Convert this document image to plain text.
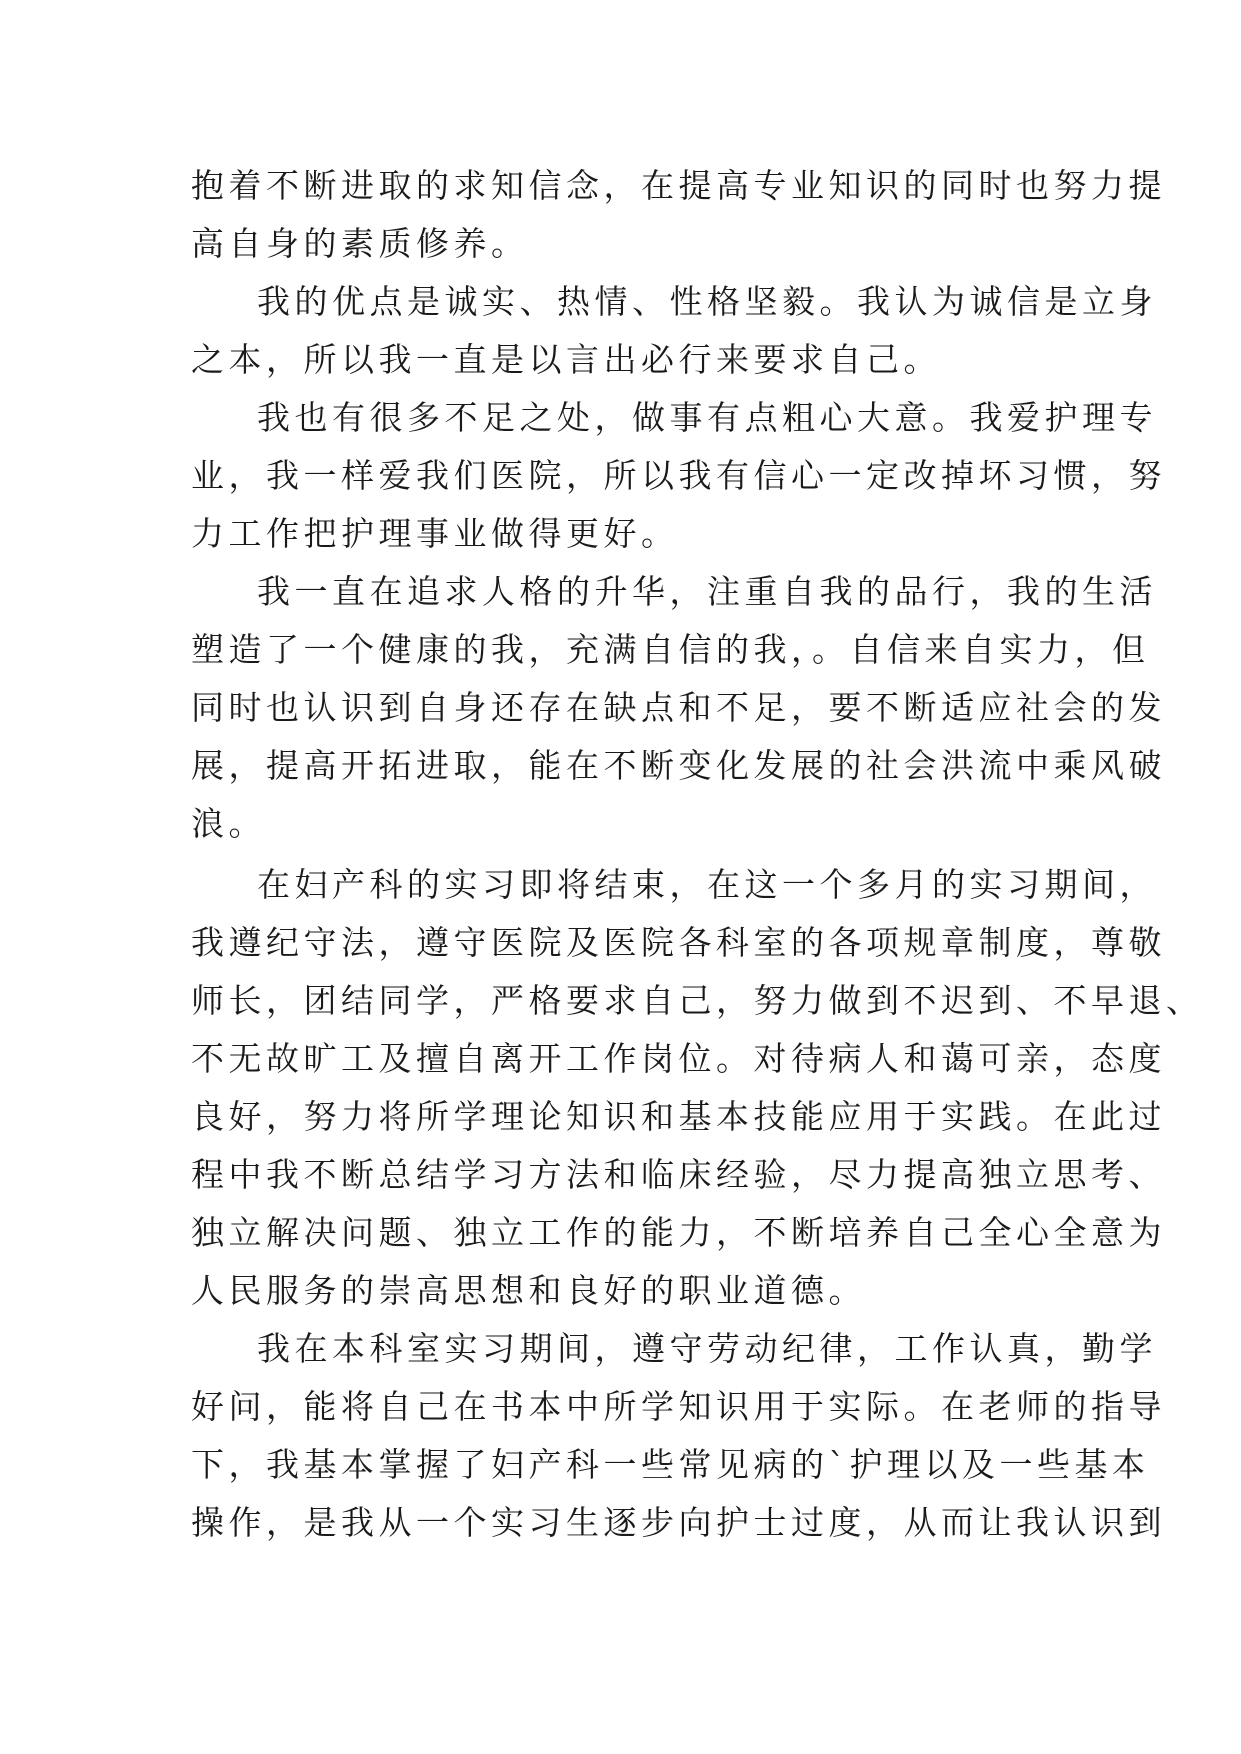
抱着不断进取的求知信念，在提高专业知识的同时也努力提
高自身的素质修养。
我的优点是诚实、热情、性格坚毅。我认为诚信是立身
之本，所以我一直是以言出必行来要求自己。
我也有很多不足之处，做事有点粗心大意。我爱护理专
业，我一样爱我们医院，所以我有信心一定改掉坏习惯，努
力工作把护理事业做得更好。
我一直在追求人格的升华，注重自我的品行，我的生活
塑造了一个健康的我，充满自信的我，。自信来自实力，但
同时也认识到自身还存在缺点和不足，要不断适应社会的发
展，提高开拓进取，能在不断变化发展的社会洪流中乘风破
浪。
在妇产科的实习即将结束，在这一个多月的实习期间，
我遵纪守法，遵守医院及医院各科室的各项规章制度，尊敬
师长，团结同学，严格要求自己，努力做到不迟到、不早退、
不无故旷工及擅自离开工作岗位。对待病人和蔼可亲，态度
良好，努力将所学理论知识和基本技能应用于实践。在此过
程中我不断总结学习方法和临床经验，尽力提高独立思考、
独立解决问题、独立工作的能力，不断培养自己全心全意为
人民服务的崇高思想和良好的职业道德。
我在本科室实习期间，遵守劳动纪律，工作认真，勤学
好问，能将自己在书本中所学知识用于实际。在老师的指导
下，我基本掌握了妇产科一些常见病的`护理以及一些基本
操作，是我从一个实习生逐步向护士过度，从而让我认识到
